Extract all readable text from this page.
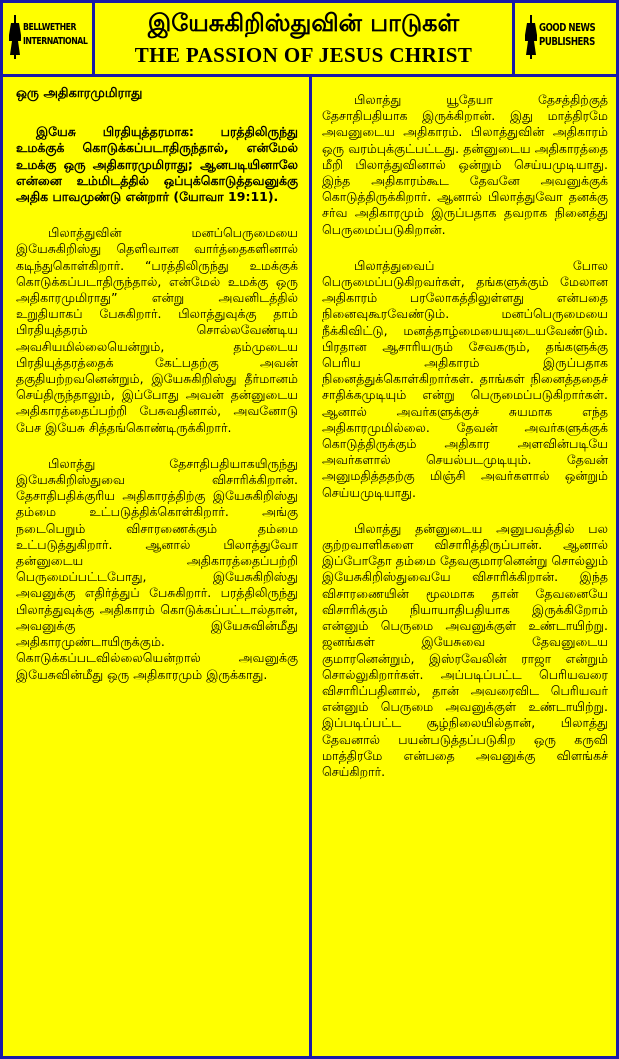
BELLWETHER
INTERNATIONAL
இயேசுகிறிஸ்துவின் பாடுகள்
THE PASSION OF JESUS CHRIST
GOOD NEWS
PUBLISHERS
ஒரு அதிகாரமுமிராது
இயேசு பிரதியுத்தரமாக: பரத்திலிருந்து உமக்குக் கொடுக்கப்படாதிருந்தால், என்மேல் உமக்கு ஒரு அதிகாரமுமிராது; ஆனபடியினாலே என்னை உம்மிடத்தில் ஒப்புக்கொடுத்தவனுக்கு அதிக பாவமுண்டு என்றார் (யோவா 19:11).

பிலாத்துவின் மனப்பெருமையை இயேசுகிறிஸ்து தெளிவான வார்த்தைகளினால் கடிந்துகொள்கிறார். “பரத்திலிருந்து உமக்குக் கொடுக்கப்படாதிருந்தால், என்மேல் உமக்கு ஒரு அதிகாரமுமிராது” என்று அவனிடத்தில் உறுதியாகப் பேசுகிறார். பிலாத்துவுக்கு தாம் பிரதியுத்தரம் சொல்லவேண்டிய அவசியமில்லையென்றும், தம்முடைய பிரதியுத்தரத்தைக் கேட்பதற்கு அவன் தகுதியற்றவனென்றும், இயேசுகிறிஸ்து தீர்மானம் செய்திருந்தாலும், இப்போது அவன் தன்னுடைய அதிகாரத்தைப்பற்றி பேசுவதினால், அவனோடு பேச இயேசு சித்தங்கொண்டிருக்கிறார்.

பிலாத்து தேசாதிபதியாகயிருந்து இயேசுகிறிஸ்துவை விசாரிக்கிறான். தேசாதிபதிக்குரிய அதிகாரத்திற்கு இயேசுகிறிஸ்து தம்மை உட்படுத்திக்கொள்கிறார். அங்கு நடைபெறும் விசாரணைக்கும் தம்மை உட்படுத்துகிறார். ஆனால் பிலாத்துவோ தன்னுடைய அதிகாரத்தைப்பற்றி பெருமைப்பட்டபோது, இயேசுகிறிஸ்து அவனுக்கு எதிர்த்துப் பேசுகிறார். பரத்திலிருந்து பிலாத்துவுக்கு அதிகாரம் கொடுக்கப்பட்டால்தான், அவனுக்கு இயேசுவின்மீது அதிகாரமுண்டாயிருக்கும். கொடுக்கப்படவில்லையென்றால் அவனுக்கு இயேசுவின்மீது ஒரு அதிகாரமும் இருக்காது.

பிலாத்து யூதேயா தேசத்திற்குத் தேசாதிபதியாக இருக்கிறான். இது மாத்திரமே அவனுடைய அதிகாரம். பிலாத்துவின் அதிகாரம் ஒரு வரம்புக்குட்பட்டது. தன்னுடைய அதிகாரத்தை மீறி பிலாத்துவினால் ஒன்றும் செய்யமுடியாது. இந்த அதிகாரம்கூட தேவனே அவனுக்குக் கொடுத்திருக்கிறார். ஆனால் பிலாத்துவோ தனக்கு சர்வ அதிகாரமும் இருப்பதாக தவறாக நினைத்து பெருமைப்படுகிறான்.

பிலாத்துவைப் போல பெருமைப்படுகிறவர்கள், தங்களுக்கும் மேலான அதிகாரம் பரலோகத்திலுள்ளது என்பதை நினைவுகூரவேண்டும். மனப்பெருமையை நீக்கிவிட்டு, மனத்தாழ்மையையுடையவேண்டும். பிரதான ஆசாரியரும் சேவகரும், தங்களுக்கு பெரிய அதிகாரம் இருப்பதாக நினைத்துக்கொள்கிறார்கள். தாங்கள் நினைத்ததைச் சாதிக்கமுடியும் என்று பெருமைப்படுகிறார்கள். ஆனால் அவர்களுக்குச் சுயமாக எந்த அதிகாரமுமில்லை. தேவன் அவர்களுக்குக் கொடுத்திருக்கும் அதிகார அளவின்படியே அவர்களால் செயல்படமுடியும். தேவன் அனுமதித்ததற்கு மிஞ்சி அவர்களால் ஒன்றும் செய்யமுடியாது.

பிலாத்து தன்னுடைய அனுபவத்தில் பல குற்றவாளிகளை விசாரித்திருப்பான். ஆனால் இப்போதோ தம்மை தேவகுமாரனென்று சொல்லும் இயேசுகிறிஸ்துவையே விசாரிக்கிறான். இந்த விசாரணையின் மூலமாக தான் தேவனையே விசாரிக்கும் நியாயாதிபதியாக இருக்கிறோம் என்னும் பெருமை அவனுக்குள் உண்டாயிற்று. ஜனங்கள் இயேசுவை தேவனுடைய குமாரனென்றும், இஸ்ரவேலின் ராஜா என்றும் சொல்லுகிறார்கள். அப்படிப்பட்ட பெரியவரை விசாரிப்பதினால், தான் அவரைவிட பெரியவர் என்னும் பெருமை அவனுக்குள் உண்டாயிற்று. இப்படிப்பட்ட சூழ்நிலையில்தான், பிலாத்து தேவனால் பயன்படுத்தப்படுகிற ஒரு கருவி மாத்திரமே என்பதை அவனுக்கு விளங்கச் செய்கிறார்.
